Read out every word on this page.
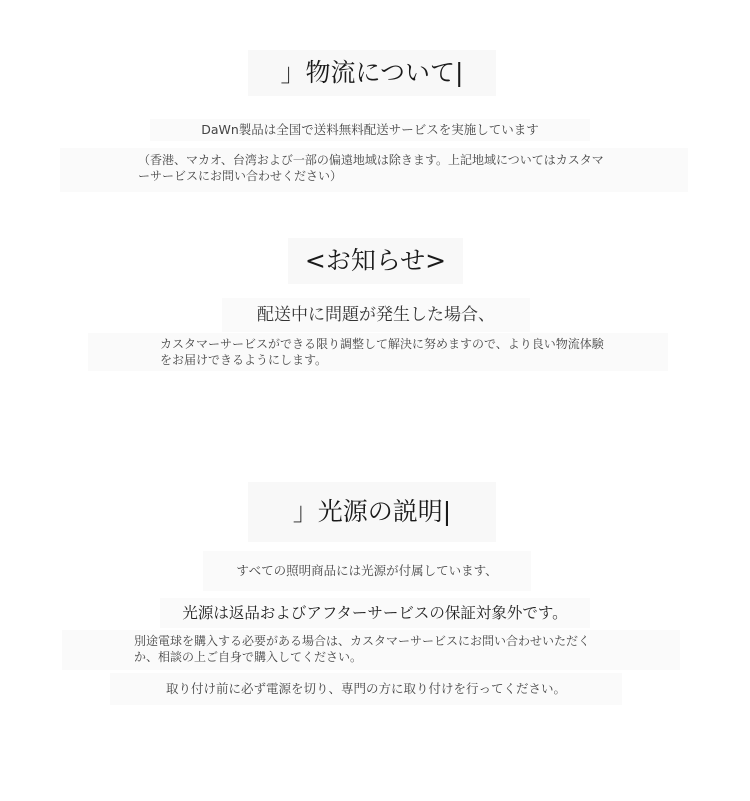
」物流について|
DaWn製品は全国で送料無料配送サービスを実施しています
（香港、マカオ、台湾および一部の偏遠地域は除きます。上記地域についてはカスタマーサービスにお問い合わせください）
<お知らせ>
配送中に問題が発生した場合、
カスタマーサービスができる限り調整して解決に努めますので、より良い物流体験をお届けできるようにします。
」光源の説明|
すべての照明商品には光源が付属しています、
光源は返品およびアフターサービスの保証対象外です。
別途電球を購入する必要がある場合は、カスタマーサービスにお問い合わせいただくか、相談の上ご自身で購入してください。
取り付け前に必ず電源を切り、専門の方に取り付けを行ってください。
